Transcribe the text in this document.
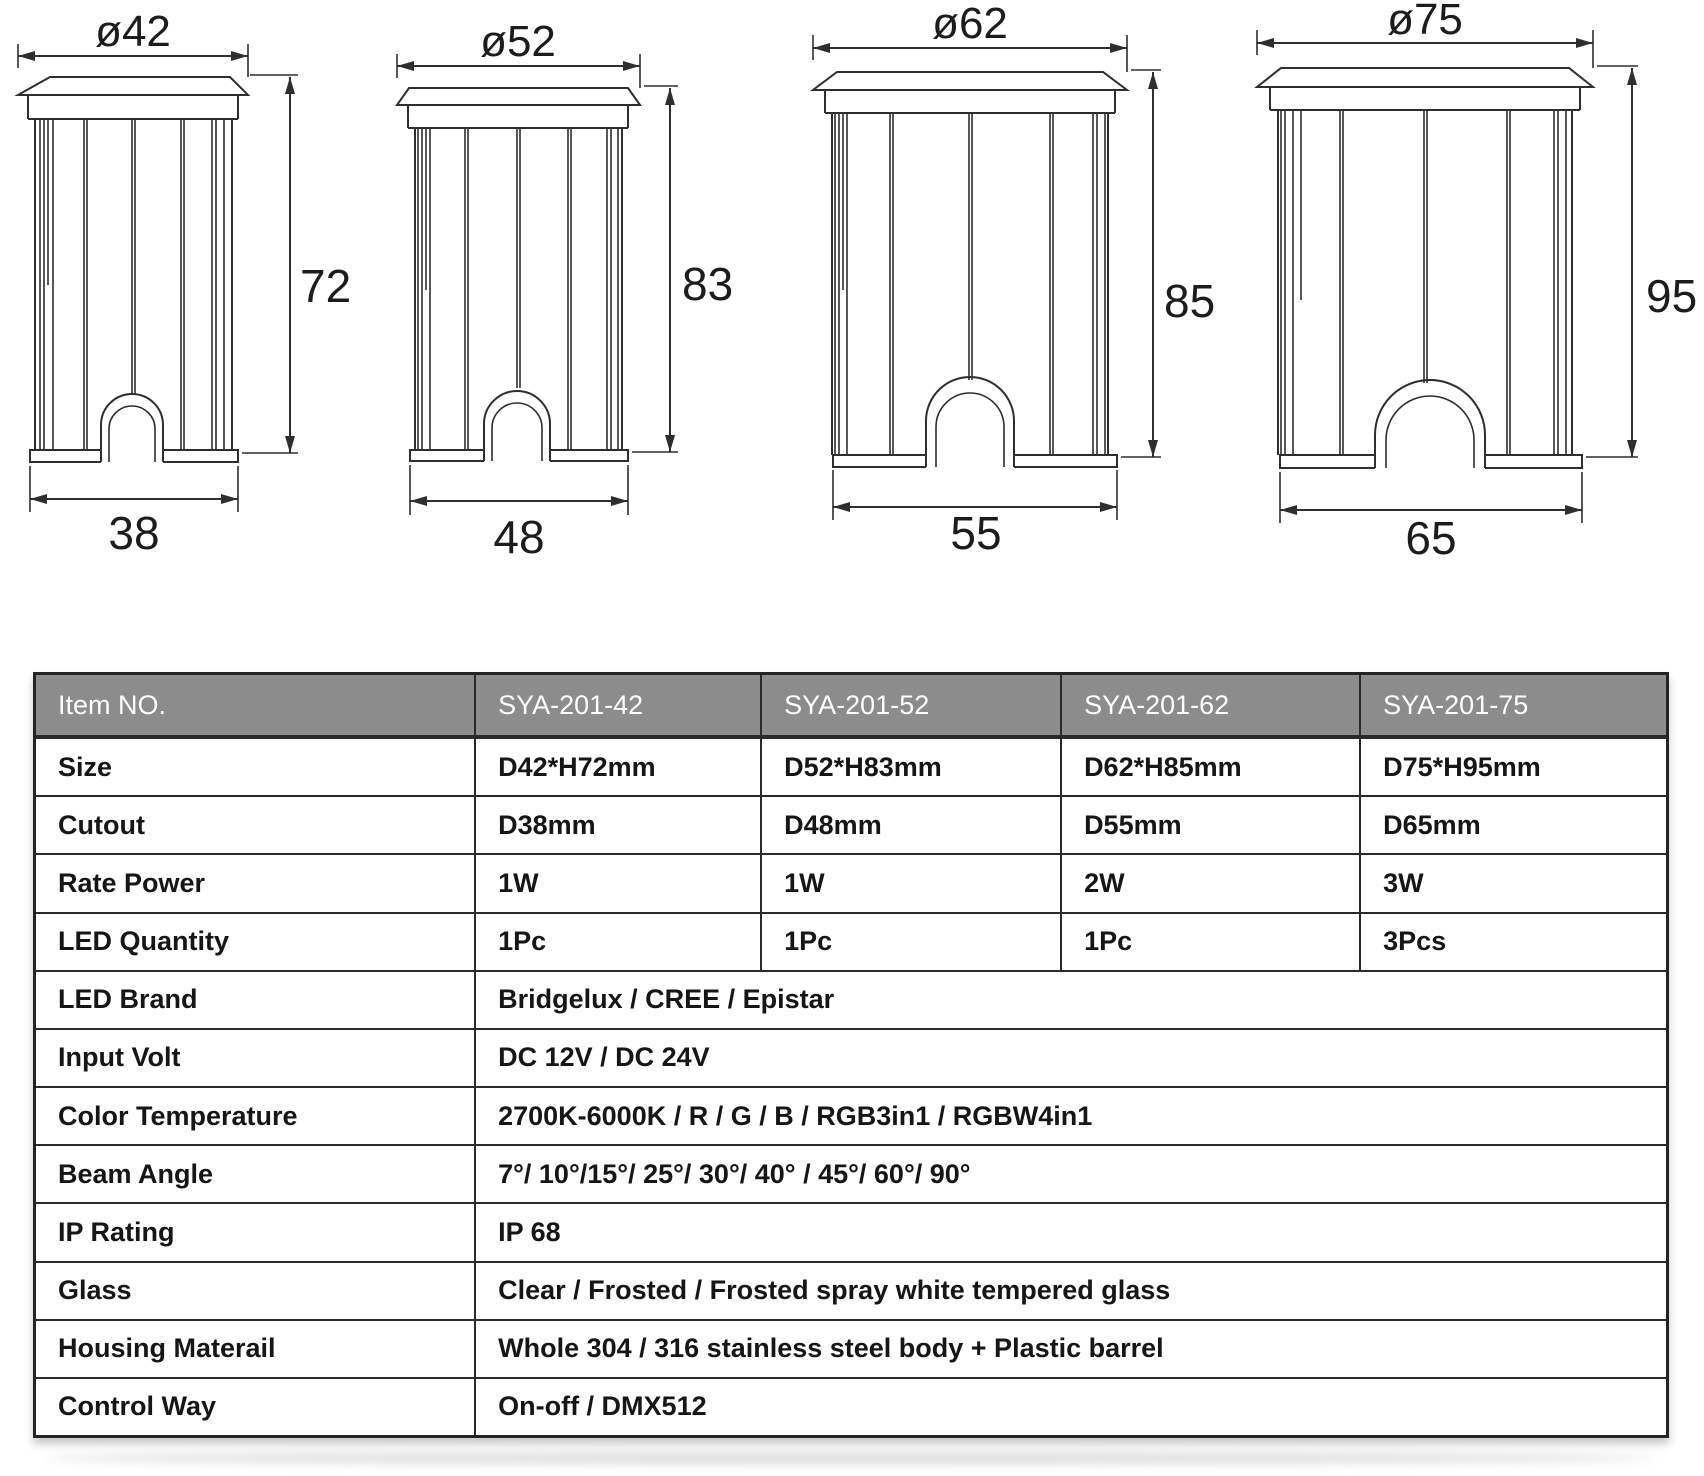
ø42
72
38
ø52
83
48
ø62
85
55
ø75
95
65
Item NO.	SYA-201-42	SYA-201-52	SYA-201-62	SYA-201-75
Size	D42*H72mm	D52*H83mm	D62*H85mm	D75*H95mm
Cutout	D38mm	D48mm	D55mm	D65mm
Rate Power	1W	1W	2W	3W
LED Quantity	1Pc	1Pc	1Pc	3Pcs
LED Brand	Bridgelux / CREE / Epistar
Input Volt	DC 12V / DC 24V
Color Temperature	2700K-6000K / R / G / B / RGB3in1 / RGBW4in1
Beam Angle	7°/ 10°/15°/ 25°/ 30°/ 40° / 45°/ 60°/ 90°
IP Rating	IP 68
Glass	Clear / Frosted / Frosted spray white tempered glass
Housing Materail	Whole 304 / 316 stainless steel body + Plastic barrel
Control Way	On-off / DMX512
